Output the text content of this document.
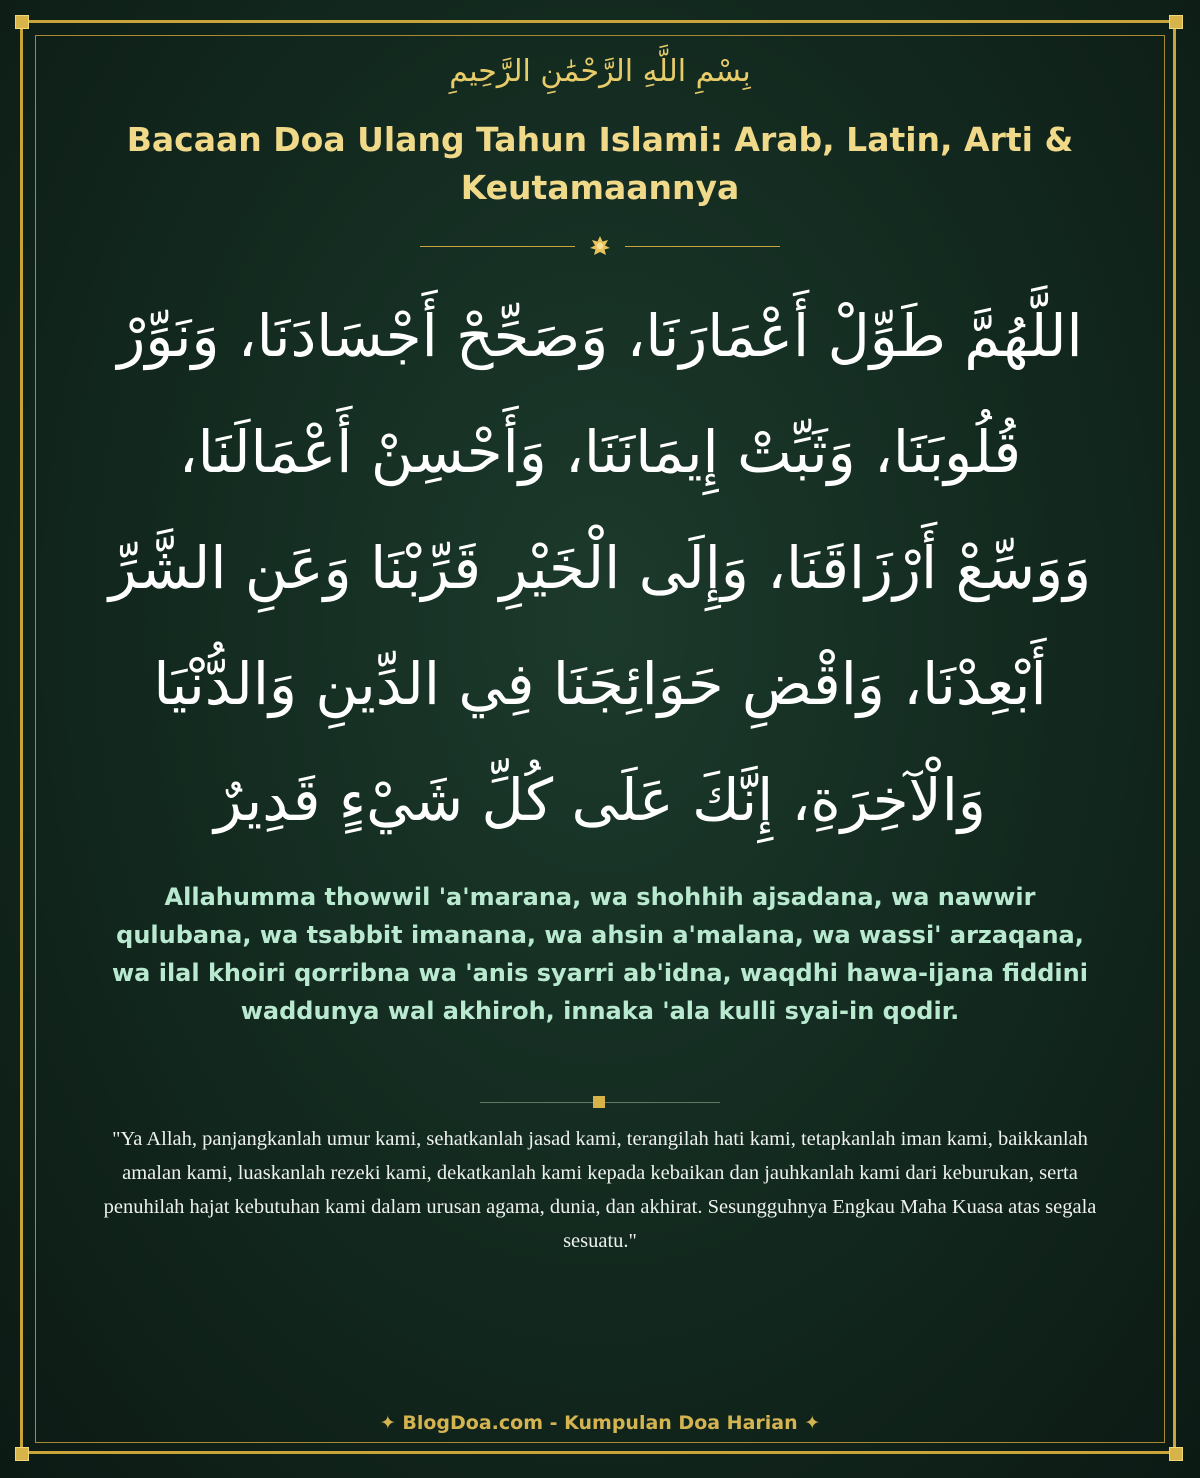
بِسْمِ اللَّهِ الرَّحْمَٰنِ الرَّحِيمِ
Bacaan Doa Ulang Tahun Islami: Arab, Latin, Arti & Keutamaannya
اللَّهُمَّ طَوِّلْ أَعْمَارَنَا، وَصَحِّحْ أَجْسَادَنَا، وَنَوِّرْ
قُلُوبَنَا، وَثَبِّتْ إِيمَانَنَا، وَأَحْسِنْ أَعْمَالَنَا،
وَوَسِّعْ أَرْزَاقَنَا، وَإِلَى الْخَيْرِ قَرِّبْنَا وَعَنِ الشَّرِّ
أَبْعِدْنَا، وَاقْضِ حَوَائِجَنَا فِي الدِّينِ وَالدُّنْيَا
وَالْآخِرَةِ، إِنَّكَ عَلَى كُلِّ شَيْءٍ قَدِيرٌ
Allahumma thowwil 'a'marana, wa shohhih ajsadana, wa nawwir qulubana, wa tsabbit imanana, wa ahsin a'malana, wa wassi' arzaqana, wa ilal khoiri qorribna wa 'anis syarri ab'idna, waqdhi hawa-ijana fiddini waddunya wal akhiroh, innaka 'ala kulli syai-in qodir.
"Ya Allah, panjangkanlah umur kami, sehatkanlah jasad kami, terangilah hati kami, tetapkanlah iman kami, baikkanlah amalan kami, luaskanlah rezeki kami, dekatkanlah kami kepada kebaikan dan jauhkanlah kami dari keburukan, serta penuhilah hajat kebutuhan kami dalam urusan agama, dunia, dan akhirat. Sesungguhnya Engkau Maha Kuasa atas segala sesuatu."
✦ BlogDoa.com - Kumpulan Doa Harian ✦
